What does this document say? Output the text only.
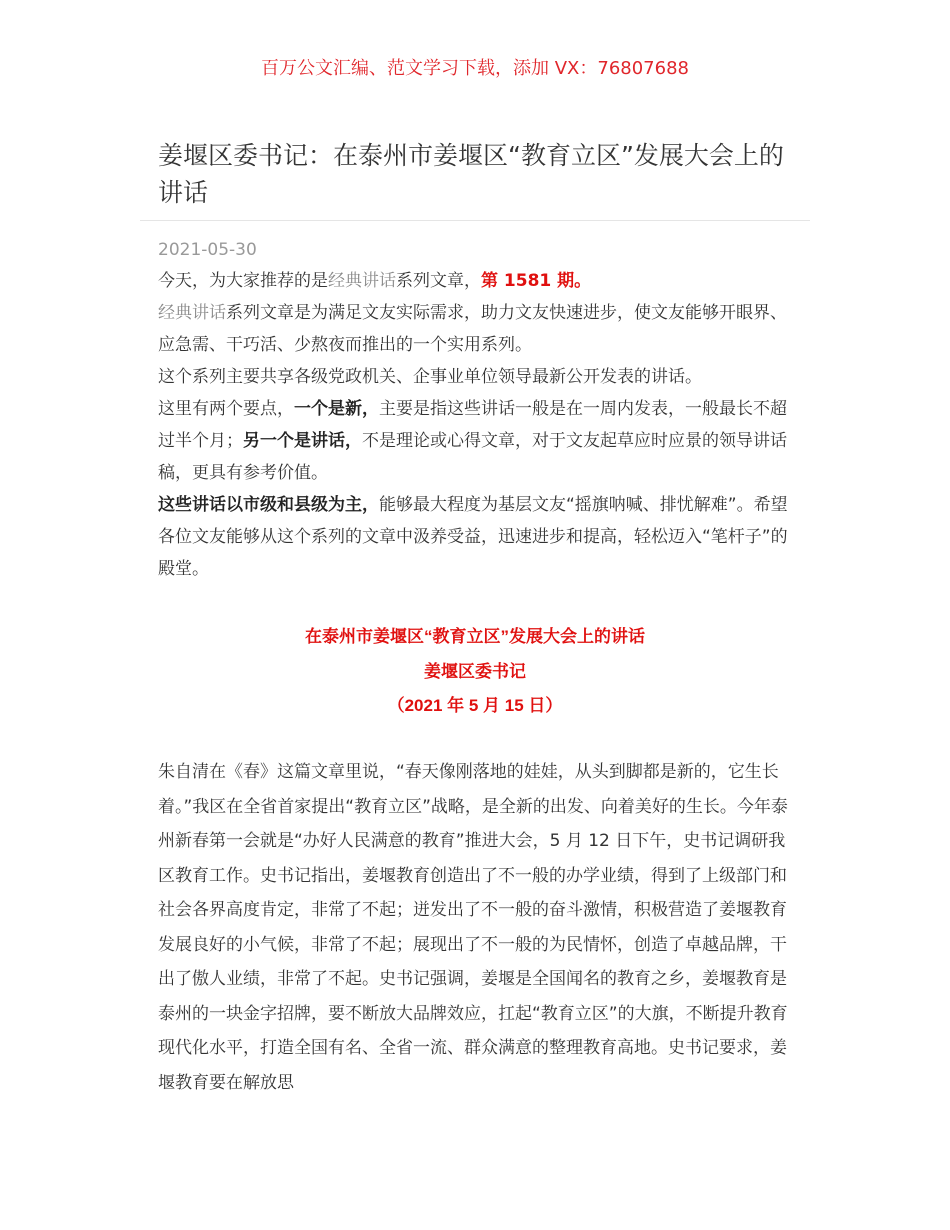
百万公文汇编、范文学习下载，添加 VX：76807688
姜堰区委书记：在泰州市姜堰区“教育立区”发展大会上的讲话
2021-05-30

今天，为大家推荐的是经典讲话系列文章，第 1581 期。

经典讲话系列文章是为满足文友实际需求，助力文友快速进步，使文友能够开眼界、应急需、干巧活、少熬夜而推出的一个实用系列。

这个系列主要共享各级党政机关、企事业单位领导最新公开发表的讲话。

这里有两个要点，一个是新，主要是指这些讲话一般是在一周内发表，一般最长不超过半个月；另一个是讲话，不是理论或心得文章，对于文友起草应时应景的领导讲话稿，更具有参考价值。

这些讲话以市级和县级为主，能够最大程度为基层文友“摇旗呐喊、排忧解难”。希望各位文友能够从这个系列的文章中汲养受益，迅速进步和提高，轻松迈入“笔杆子”的殿堂。

在泰州市姜堰区“教育立区”发展大会上的讲话
姜堰区委书记
（2021 年 5 月 15 日）

朱自清在《春》这篇文章里说，“春天像刚落地的娃娃，从头到脚都是新的，它生长着。”我区在全省首家提出“教育立区”战略，是全新的出发、向着美好的生长。今年泰州新春第一会就是“办好人民满意的教育”推进大会，5 月 12 日下午，史书记调研我区教育工作。史书记指出，姜堰教育创造出了不一般的办学业绩，得到了上级部门和社会各界高度肯定，非常了不起；迸发出了不一般的奋斗激情，积极营造了姜堰教育发展良好的小气候，非常了不起；展现出了不一般的为民情怀，创造了卓越品牌，干出了傲人业绩，非常了不起。史书记强调，姜堰是全国闻名的教育之乡，姜堰教育是泰州的一块金字招牌，要不断放大品牌效应，扛起“教育立区”的大旗，不断提升教育现代化水平，打造全国有名、全省一流、群众满意的整理教育高地。史书记要求，姜堰教育要在解放思
